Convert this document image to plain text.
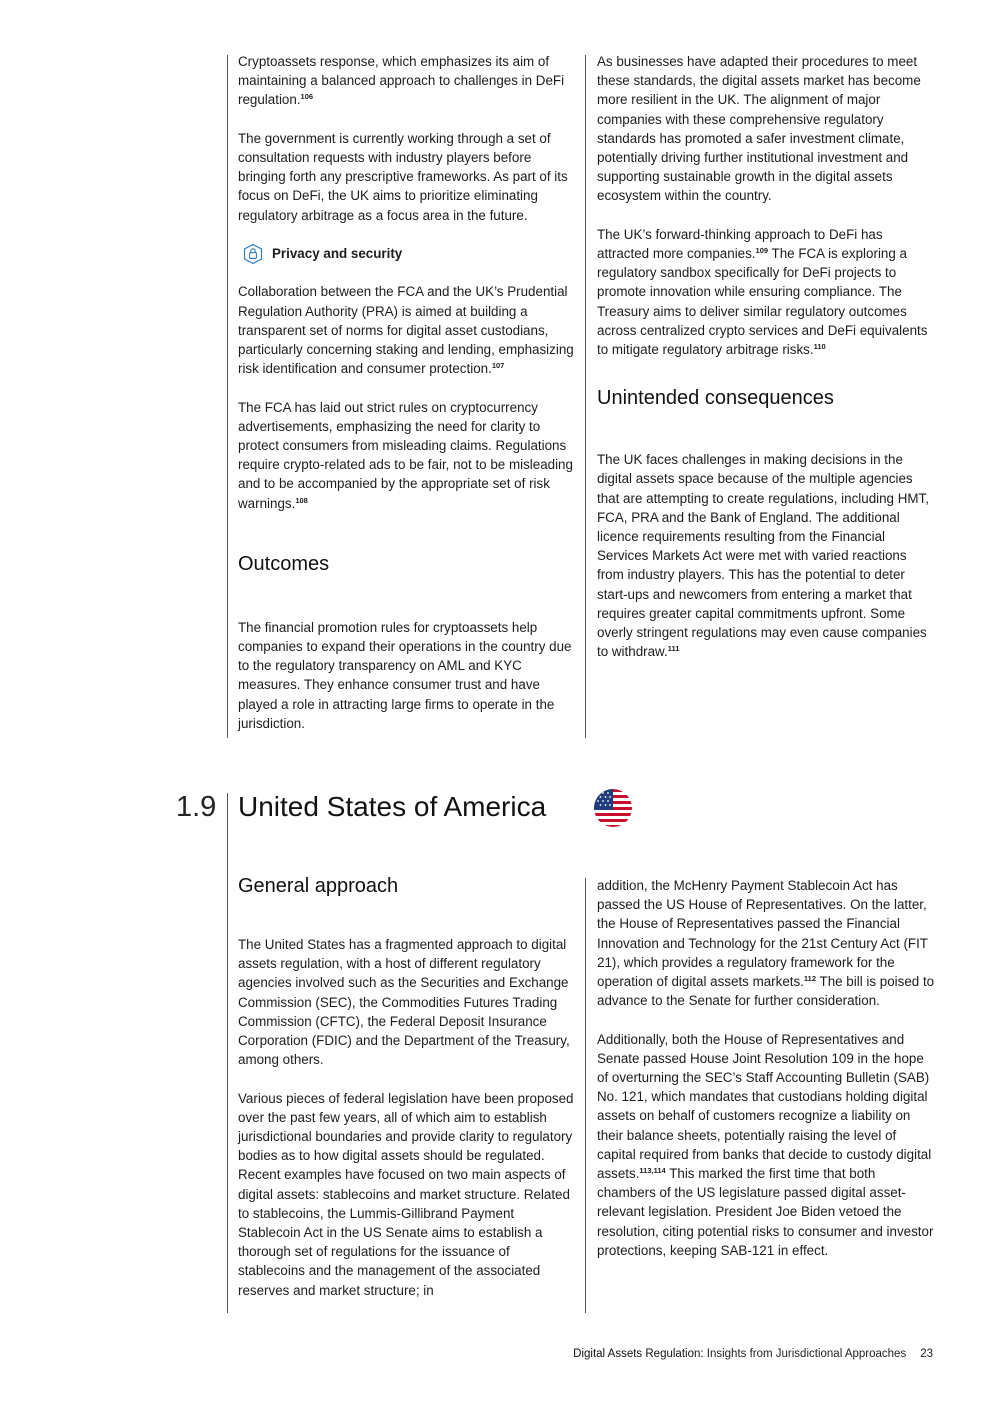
Cryptoassets response, which emphasizes its aim of maintaining a balanced approach to challenges in DeFi regulation.$^{106}$

The government is currently working through a set of consultation requests with industry players before bringing forth any prescriptive frameworks. As part of its focus on DeFi, the UK aims to prioritize eliminating regulatory arbitrage as a focus area in the future.

Privacy and security

Collaboration between the FCA and the UK’s Prudential Regulation Authority (PRA) is aimed at building a transparent set of norms for digital asset custodians, particularly concerning staking and lending, emphasizing risk identification and consumer protection.$^{107}$

The FCA has laid out strict rules on cryptocurrency advertisements, emphasizing the need for clarity to protect consumers from misleading claims. Regulations require crypto-related ads to be fair, not to be misleading and to be accompanied by the appropriate set of risk warnings.$^{108}$

Outcomes

The financial promotion rules for cryptoassets help companies to expand their operations in the country due to the regulatory transparency on AML and KYC measures. They enhance consumer trust and have played a role in attracting large firms to operate in the jurisdiction.

As businesses have adapted their procedures to meet these standards, the digital assets market has become more resilient in the UK. The alignment of major companies with these comprehensive regulatory standards has promoted a safer investment climate, potentially driving further institutional investment and supporting sustainable growth in the digital assets ecosystem within the country.

The UK’s forward-thinking approach to DeFi has attracted more companies.$^{109}$ The FCA is exploring a regulatory sandbox specifically for DeFi projects to promote innovation while ensuring compliance. The Treasury aims to deliver similar regulatory outcomes across centralized crypto services and DeFi equivalents to mitigate regulatory arbitrage risks.$^{110}$

Unintended consequences

The UK faces challenges in making decisions in the digital assets space because of the multiple agencies that are attempting to create regulations, including HMT, FCA, PRA and the Bank of England. The additional licence requirements resulting from the Financial Services Markets Act were met with varied reactions from industry players. This has the potential to deter start-ups and newcomers from entering a market that requires greater capital commitments upfront. Some overly stringent regulations may even cause companies to withdraw.$^{111}$

1.9 United States of America
General approach

The United States has a fragmented approach to digital assets regulation, with a host of different regulatory agencies involved such as the Securities and Exchange Commission (SEC), the Commodities Futures Trading Commission (CFTC), the Federal Deposit Insurance Corporation (FDIC) and the Department of the Treasury, among others.

Various pieces of federal legislation have been proposed over the past few years, all of which aim to establish jurisdictional boundaries and provide clarity to regulatory bodies as to how digital assets should be regulated. Recent examples have focused on two main aspects of digital assets: stablecoins and market structure. Related to stablecoins, the Lummis-Gillibrand Payment Stablecoin Act in the US Senate aims to establish a thorough set of regulations for the issuance of stablecoins and the management of the associated reserves and market structure; in

addition, the McHenry Payment Stablecoin Act has passed the US House of Representatives. On the latter, the House of Representatives passed the Financial Innovation and Technology for the 21st Century Act (FIT 21), which provides a regulatory framework for the operation of digital assets markets.$^{112}$ The bill is poised to advance to the Senate for further consideration.

Additionally, both the House of Representatives and Senate passed House Joint Resolution 109 in the hope of overturning the SEC’s Staff Accounting Bulletin (SAB) No. 121, which mandates that custodians holding digital assets on behalf of customers recognize a liability on their balance sheets, potentially raising the level of capital required from banks that decide to custody digital assets.$^{113,114}$ This marked the first time that both chambers of the US legislature passed digital asset-relevant legislation. President Joe Biden vetoed the resolution, citing potential risks to consumer and investor protections, keeping SAB-121 in effect.

Digital Assets Regulation: Insights from Jurisdictional Approaches 23
